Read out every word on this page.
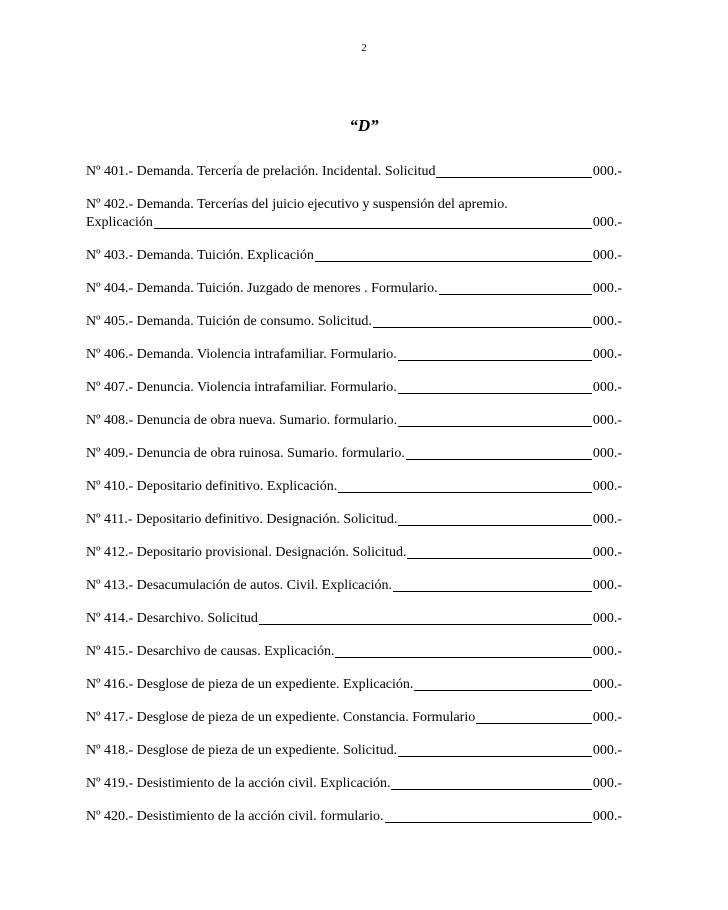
2
“D”
Nº 401.- Demanda. Tercería de prelación. Incidental. Solicitud	000.-
Nº 402.- Demanda. Tercerías del juicio ejecutivo y suspensión del apremio.
Explicación	000.-
Nº 403.- Demanda. Tuición. Explicación	000.-
Nº 404.- Demanda. Tuición. Juzgado de menores . Formulario.	000.-
Nº 405.- Demanda. Tuición de consumo. Solicitud.	000.-
Nº 406.- Demanda. Violencia intrafamiliar. Formulario.	000.-
Nº 407.- Denuncia. Violencia intrafamiliar. Formulario.	000.-
Nº 408.- Denuncia de obra nueva. Sumario. formulario.	000.-
Nº 409.- Denuncia de obra ruinosa. Sumario. formulario.	000.-
Nº 410.- Depositario definitivo. Explicación.	000.-
Nº 411.- Depositario definitivo. Designación. Solicitud.	000.-
Nº 412.- Depositario provisional. Designación. Solicitud.	000.-
Nº 413.- Desacumulación de autos. Civil. Explicación.	000.-
Nº 414.- Desarchivo. Solicitud	000.-
Nº 415.- Desarchivo de causas. Explicación.	000.-
Nº 416.- Desglose de pieza de un expediente. Explicación.	000.-
Nº 417.- Desglose de pieza de un expediente. Constancia. Formulario	000.-
Nº 418.- Desglose de pieza de un expediente. Solicitud.	000.-
Nº 419.- Desistimiento de la acción civil. Explicación.	000.-
Nº 420.- Desistimiento de la acción civil. formulario.	000.-
